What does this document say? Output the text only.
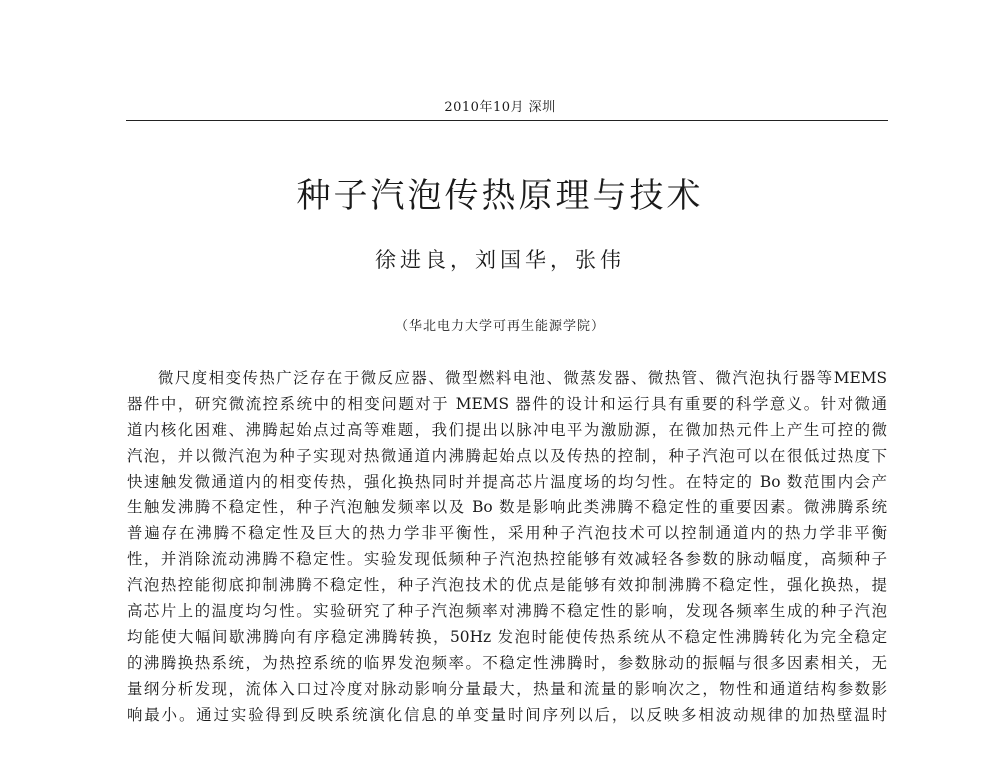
2010年10月 深圳
种子汽泡传热原理与技术
徐进良，刘国华，张伟
（华北电力大学可再生能源学院）
微尺度相变传热广泛存在于微反应器、微型燃料电池、微蒸发器、微热管、微汽泡执行器等MEMS
器件中，研究微流控系统中的相变问题对于 MEMS 器件的设计和运行具有重要的科学意义。针对微通
道内核化困难、沸腾起始点过高等难题，我们提出以脉冲电平为激励源，在微加热元件上产生可控的微
汽泡，并以微汽泡为种子实现对热微通道内沸腾起始点以及传热的控制，种子汽泡可以在很低过热度下
快速触发微通道内的相变传热，强化换热同时并提高芯片温度场的均匀性。在特定的 Bo 数范围内会产
生触发沸腾不稳定性，种子汽泡触发频率以及 Bo 数是影响此类沸腾不稳定性的重要因素。微沸腾系统
普遍存在沸腾不稳定性及巨大的热力学非平衡性，采用种子汽泡技术可以控制通道内的热力学非平衡
性，并消除流动沸腾不稳定性。实验发现低频种子汽泡热控能够有效减轻各参数的脉动幅度，高频种子
汽泡热控能彻底抑制沸腾不稳定性，种子汽泡技术的优点是能够有效抑制沸腾不稳定性，强化换热，提
高芯片上的温度均匀性。实验研究了种子汽泡频率对沸腾不稳定性的影响，发现各频率生成的种子汽泡
均能使大幅间歇沸腾向有序稳定沸腾转换，50Hz 发泡时能使传热系统从不稳定性沸腾转化为完全稳定
的沸腾换热系统，为热控系统的临界发泡频率。不稳定性沸腾时，参数脉动的振幅与很多因素相关，无
量纲分析发现，流体入口过冷度对脉动影响分量最大，热量和流量的影响次之，物性和通道结构参数影
响最小。通过实验得到反映系统演化信息的单变量时间序列以后，以反映多相波动规律的加热壁温时
